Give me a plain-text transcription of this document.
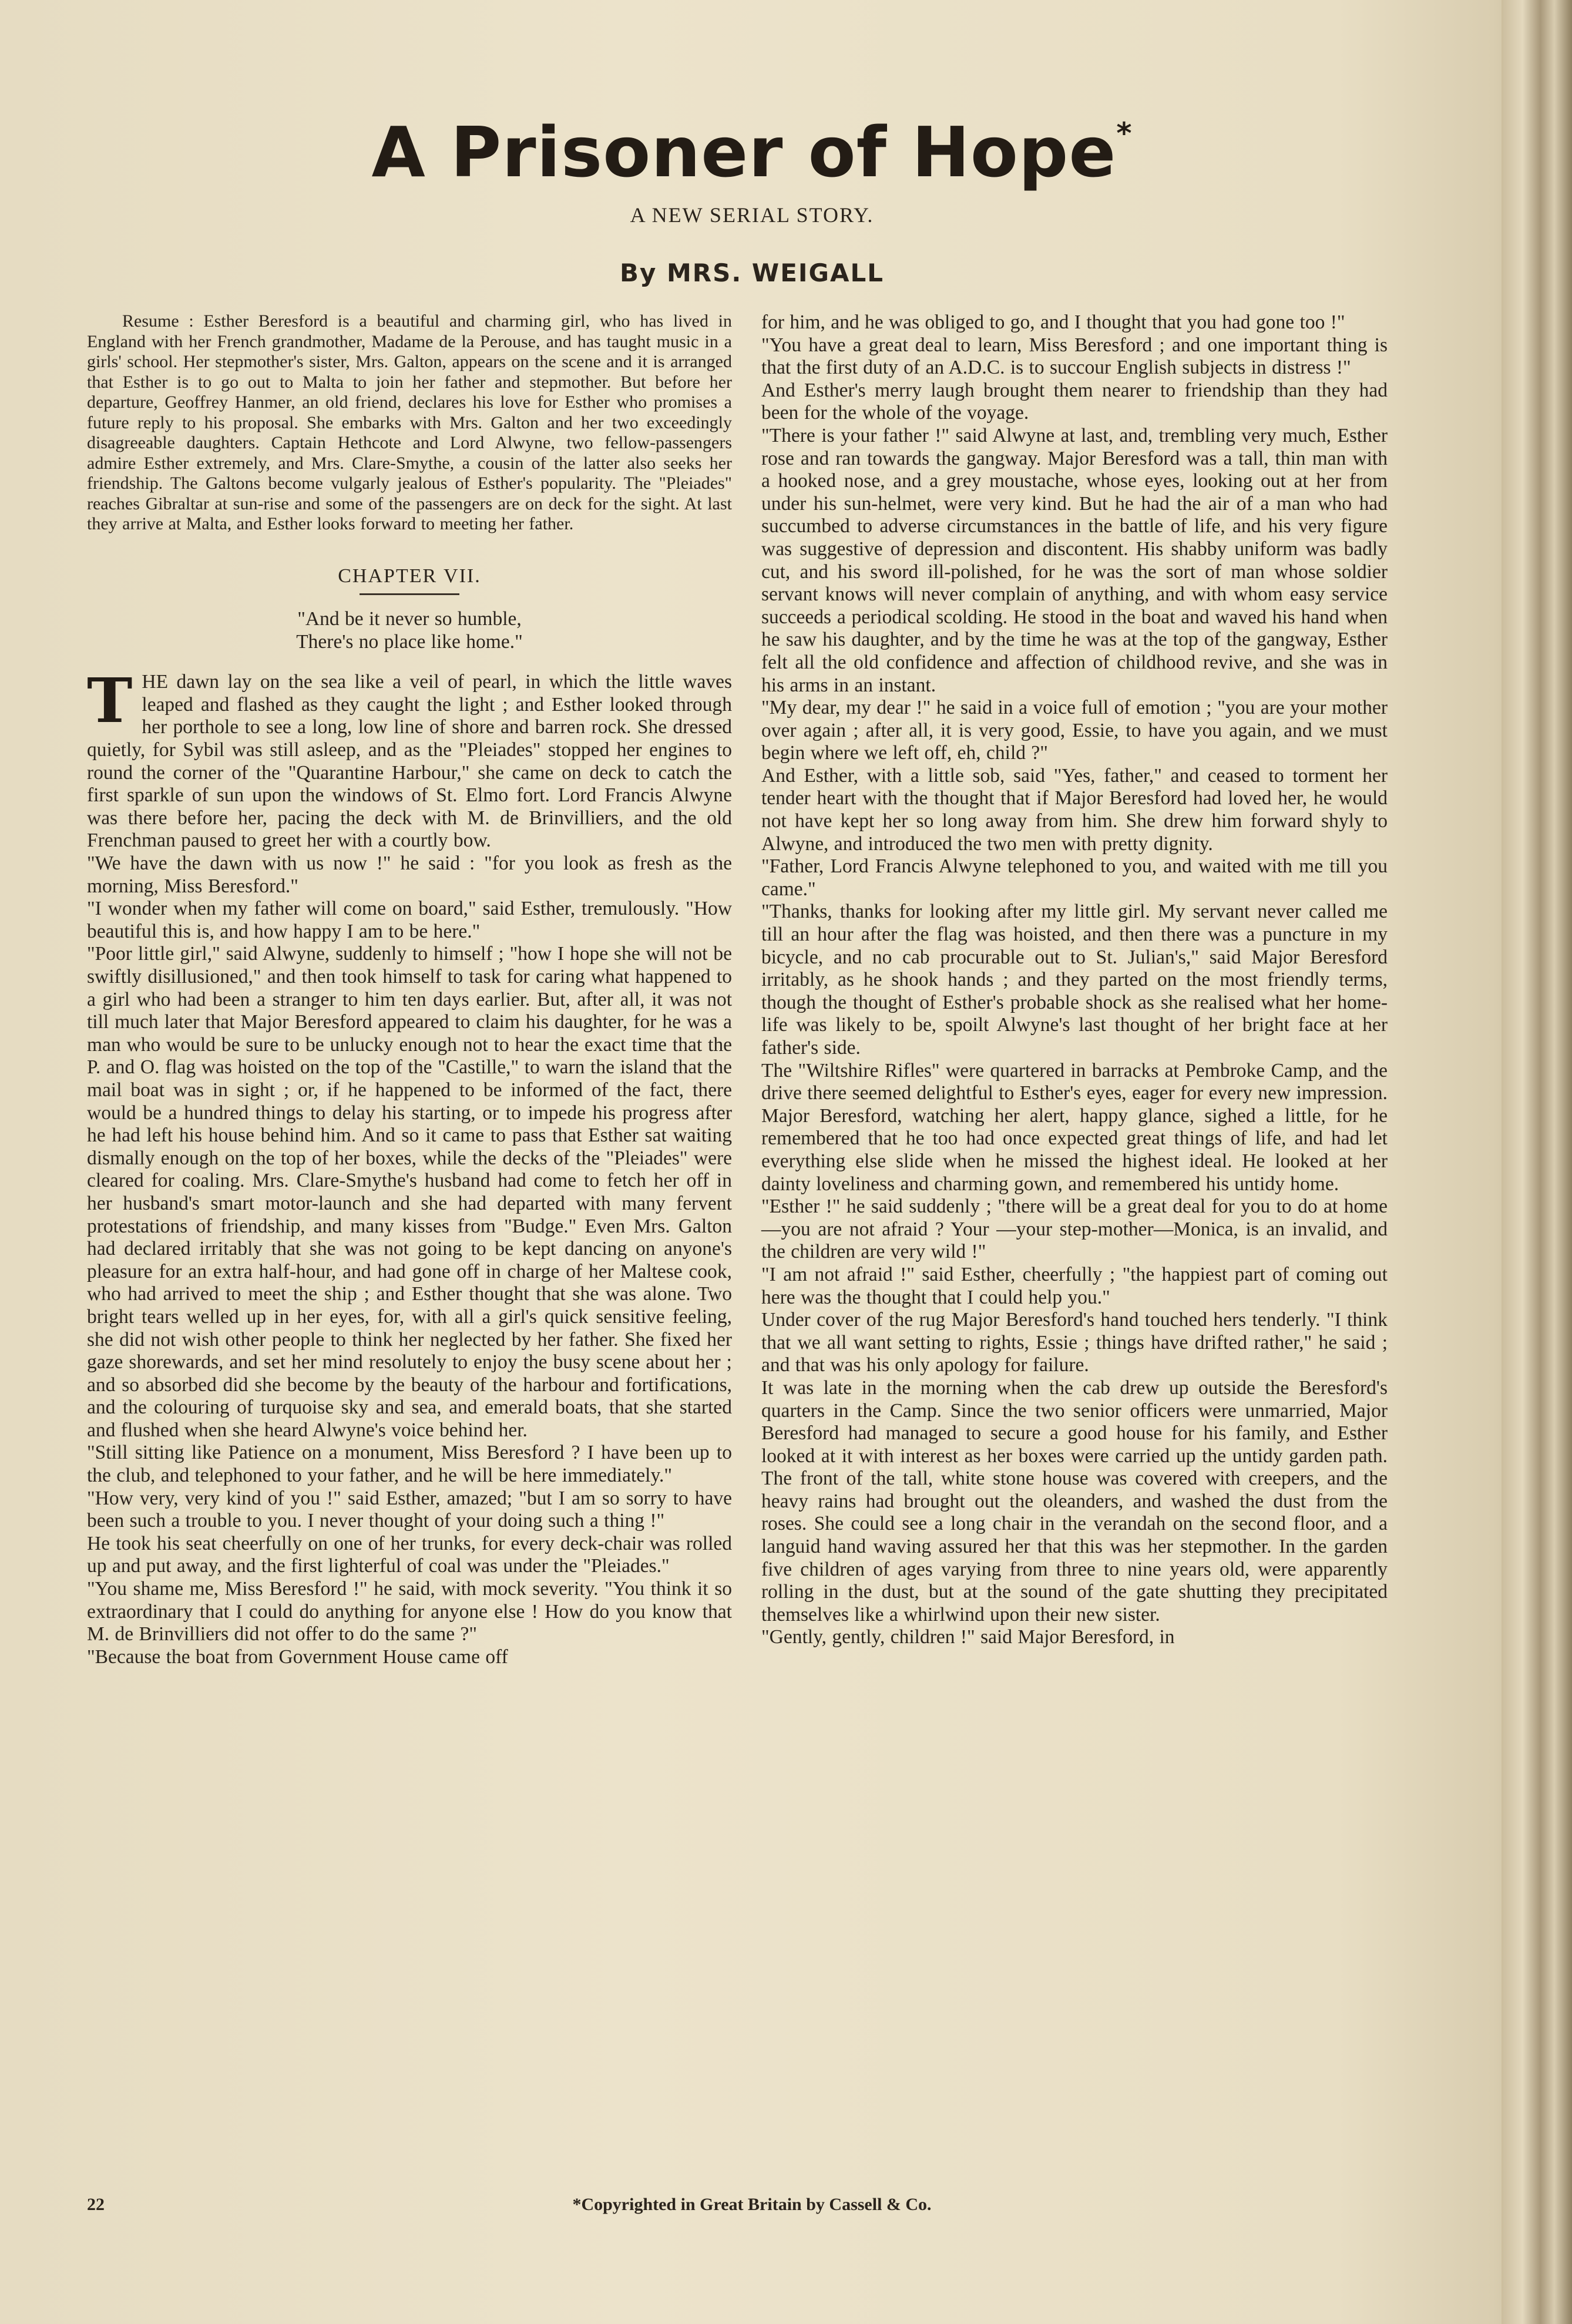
A Prisoner of Hope*
A NEW SERIAL STORY.
By MRS. WEIGALL

Resume : Esther Beresford is a beautiful and charming girl, who has lived in England with her French grandmother, Madame de la Perouse, and has taught music in a girls' school. Her stepmother's sister, Mrs. Galton, appears on the scene and it is arranged that Esther is to go out to Malta to join her father and stepmother. But before her departure, Geoffrey Hanmer, an old friend, declares his love for Esther who promises a future reply to his proposal. She embarks with Mrs. Galton and her two exceedingly disagreeable daughters. Captain Hethcote and Lord Alwyne, two fellow-passengers admire Esther extremely, and Mrs. Clare-Smythe, a cousin of the latter also seeks her friendship. The Galtons become vulgarly jealous of Esther's popularity. The "Pleiades" reaches Gibraltar at sun-rise and some of the passengers are on deck for the sight. At last they arrive at Malta, and Esther looks forward to meeting her father.

CHAPTER VII.
"And be it never so humble,
There's no place like home."

THE dawn lay on the sea like a veil of pearl, in which the little waves leaped and flashed as they caught the light ; and Esther looked through her porthole to see a long, low line of shore and barren rock. She dressed quietly, for Sybil was still asleep, and as the "Pleiades" stopped her engines to round the corner of the "Quarantine Harbour," she came on deck to catch the first sparkle of sun upon the windows of St. Elmo fort. Lord Francis Alwyne was there before her, pacing the deck with M. de Brinvilliers, and the old Frenchman paused to greet her with a courtly bow.

"We have the dawn with us now !" he said : "for you look as fresh as the morning, Miss Beresford."

"I wonder when my father will come on board," said Esther, tremulously. "How beautiful this is, and how happy I am to be here."

"Poor little girl," said Alwyne, suddenly to himself ; "how I hope she will not be swiftly disillusioned," and then took himself to task for caring what happened to a girl who had been a stranger to him ten days earlier. But, after all, it was not till much later that Major Beresford appeared to claim his daughter, for he was a man who would be sure to be unlucky enough not to hear the exact time that the P. and O. flag was hoisted on the top of the "Castille," to warn the island that the mail boat was in sight ; or, if he happened to be informed of the fact, there would be a hundred things to delay his starting, or to impede his progress after he had left his house behind him. And so it came to pass that Esther sat waiting dismally enough on the top of her boxes, while the decks of the "Pleiades" were cleared for coaling. Mrs. Clare-Smythe's husband had come to fetch her off in her husband's smart motor-launch and she had departed with many fervent protestations of friendship, and many kisses from "Budge." Even Mrs. Galton had declared irritably that she was not going to be kept dancing on anyone's pleasure for an extra half-hour, and had gone off in charge of her Maltese cook, who had arrived to meet the ship ; and Esther thought that she was alone. Two bright tears welled up in her eyes, for, with all a girl's quick sensitive feeling, she did not wish other people to think her neglected by her father. She fixed her gaze shorewards, and set her mind resolutely to enjoy the busy scene about her ; and so absorbed did she become by the beauty of the harbour and fortifications, and the colouring of turquoise sky and sea, and emerald boats, that she started and flushed when she heard Alwyne's voice behind her.

"Still sitting like Patience on a monument, Miss Beresford ? I have been up to the club, and telephoned to your father, and he will be here immediately."

"How very, very kind of you !" said Esther, amazed; "but I am so sorry to have been such a trouble to you. I never thought of your doing such a thing !"

He took his seat cheerfully on one of her trunks, for every deck-chair was rolled up and put away, and the first lighterful of coal was under the "Pleiades."

"You shame me, Miss Beresford !" he said, with mock severity. "You think it so extraordinary that I could do anything for anyone else ! How do you know that M. de Brinvilliers did not offer to do the same ?"

"Because the boat from Government House came off

for him, and he was obliged to go, and I thought that you had gone too !"

"You have a great deal to learn, Miss Beresford ; and one important thing is that the first duty of an A.D.C. is to succour English subjects in distress !"

And Esther's merry laugh brought them nearer to friendship than they had been for the whole of the voyage.

"There is your father !" said Alwyne at last, and, trembling very much, Esther rose and ran towards the gangway. Major Beresford was a tall, thin man with a hooked nose, and a grey moustache, whose eyes, looking out at her from under his sun-helmet, were very kind. But he had the air of a man who had succumbed to adverse circumstances in the battle of life, and his very figure was suggestive of depression and discontent. His shabby uniform was badly cut, and his sword ill-polished, for he was the sort of man whose soldier servant knows will never complain of anything, and with whom easy service succeeds a periodical scolding. He stood in the boat and waved his hand when he saw his daughter, and by the time he was at the top of the gangway, Esther felt all the old confidence and affection of childhood revive, and she was in his arms in an instant.

"My dear, my dear !" he said in a voice full of emotion ; "you are your mother over again ; after all, it is very good, Essie, to have you again, and we must begin where we left off, eh, child ?"

And Esther, with a little sob, said "Yes, father," and ceased to torment her tender heart with the thought that if Major Beresford had loved her, he would not have kept her so long away from him. She drew him forward shyly to Alwyne, and introduced the two men with pretty dignity.

"Father, Lord Francis Alwyne telephoned to you, and waited with me till you came."

"Thanks, thanks for looking after my little girl. My servant never called me till an hour after the flag was hoisted, and then there was a puncture in my bicycle, and no cab procurable out to St. Julian's," said Major Beresford irritably, as he shook hands ; and they parted on the most friendly terms, though the thought of Esther's probable shock as she realised what her home-life was likely to be, spoilt Alwyne's last thought of her bright face at her father's side.

The "Wiltshire Rifles" were quartered in barracks at Pembroke Camp, and the drive there seemed delightful to Esther's eyes, eager for every new impression. Major Beresford, watching her alert, happy glance, sighed a little, for he remembered that he too had once expected great things of life, and had let everything else slide when he missed the highest ideal. He looked at her dainty loveliness and charming gown, and remembered his untidy home.

"Esther !" he said suddenly ; "there will be a great deal for you to do at home—you are not afraid ? Your —your step-mother—Monica, is an invalid, and the children are very wild !"

"I am not afraid !" said Esther, cheerfully ; "the happiest part of coming out here was the thought that I could help you."

Under cover of the rug Major Beresford's hand touched hers tenderly. "I think that we all want setting to rights, Essie ; things have drifted rather," he said ; and that was his only apology for failure.

It was late in the morning when the cab drew up outside the Beresford's quarters in the Camp. Since the two senior officers were unmarried, Major Beresford had managed to secure a good house for his family, and Esther looked at it with interest as her boxes were carried up the untidy garden path. The front of the tall, white stone house was covered with creepers, and the heavy rains had brought out the oleanders, and washed the dust from the roses. She could see a long chair in the verandah on the second floor, and a languid hand waving assured her that this was her stepmother. In the garden five children of ages varying from three to nine years old, were apparently rolling in the dust, but at the sound of the gate shutting they precipitated themselves like a whirlwind upon their new sister.

"Gently, gently, children !" said Major Beresford, in

*Copyrighted in Great Britain by Cassell & Co.
22
